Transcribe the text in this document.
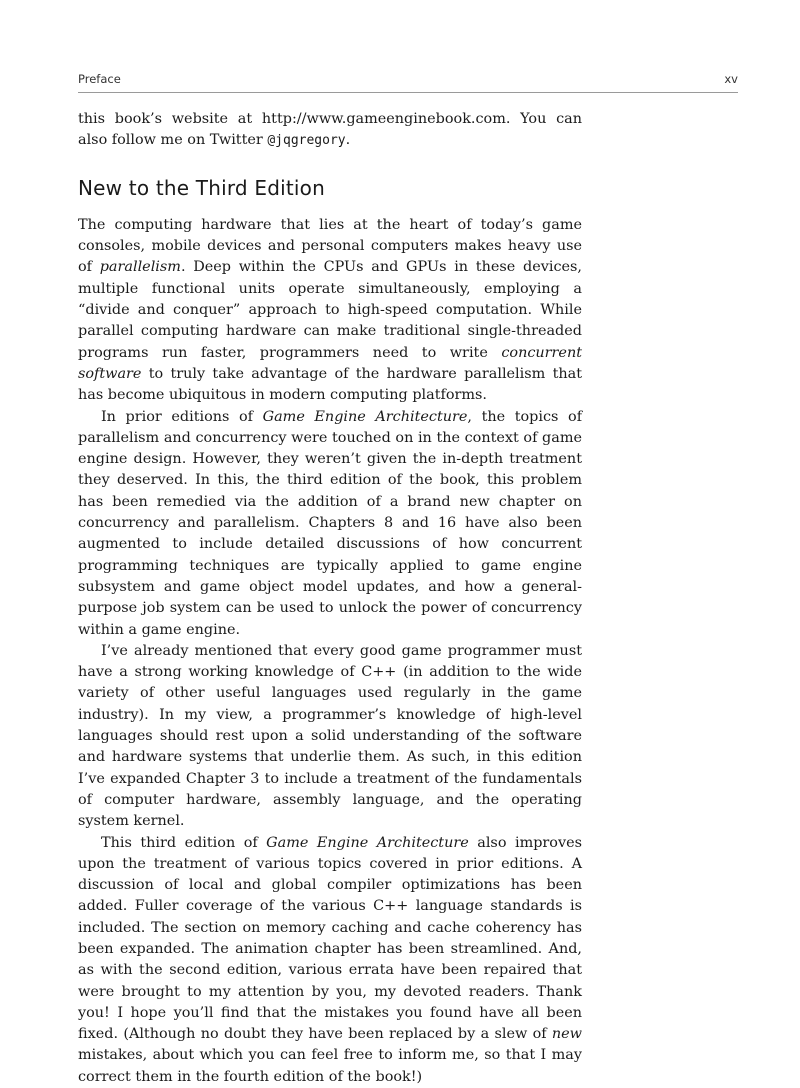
Preface	xv

this book’s website at http://www.gameenginebook.com. You can also follow me on Twitter @jqgregory.

New to the Third Edition

The computing hardware that lies at the heart of today’s game consoles, mobile devices and personal computers makes heavy use of parallelism. Deep within the CPUs and GPUs in these devices, multiple functional units operate simultaneously, employing a “divide and conquer” approach to high-speed computation. While parallel computing hardware can make traditional single-threaded programs run faster, programmers need to write concurrent software to truly take advantage of the hardware parallelism that has become ubiquitous in modern computing platforms.

In prior editions of Game Engine Architecture, the topics of parallelism and concurrency were touched on in the context of game engine design. However, they weren’t given the in-depth treatment they deserved. In this, the third edition of the book, this problem has been remedied via the addition of a brand new chapter on concurrency and parallelism. Chapters 8 and 16 have also been augmented to include detailed discussions of how concurrent programming techniques are typically applied to game engine subsystem and game object model updates, and how a general-purpose job system can be used to unlock the power of concurrency within a game engine.

I’ve already mentioned that every good game programmer must have a strong working knowledge of C++ (in addition to the wide variety of other useful languages used regularly in the game industry). In my view, a programmer’s knowledge of high-level languages should rest upon a solid understanding of the software and hardware systems that underlie them. As such, in this edition I’ve expanded Chapter 3 to include a treatment of the fundamentals of computer hardware, assembly language, and the operating system kernel.

This third edition of Game Engine Architecture also improves upon the treatment of various topics covered in prior editions. A discussion of local and global compiler optimizations has been added. Fuller coverage of the various C++ language standards is included. The section on memory caching and cache coherency has been expanded. The animation chapter has been streamlined. And, as with the second edition, various errata have been repaired that were brought to my attention by you, my devoted readers. Thank you! I hope you’ll find that the mistakes you found have all been fixed. (Although no doubt they have been replaced by a slew of new mistakes, about which you can feel free to inform me, so that I may correct them in the fourth edition of the book!)
